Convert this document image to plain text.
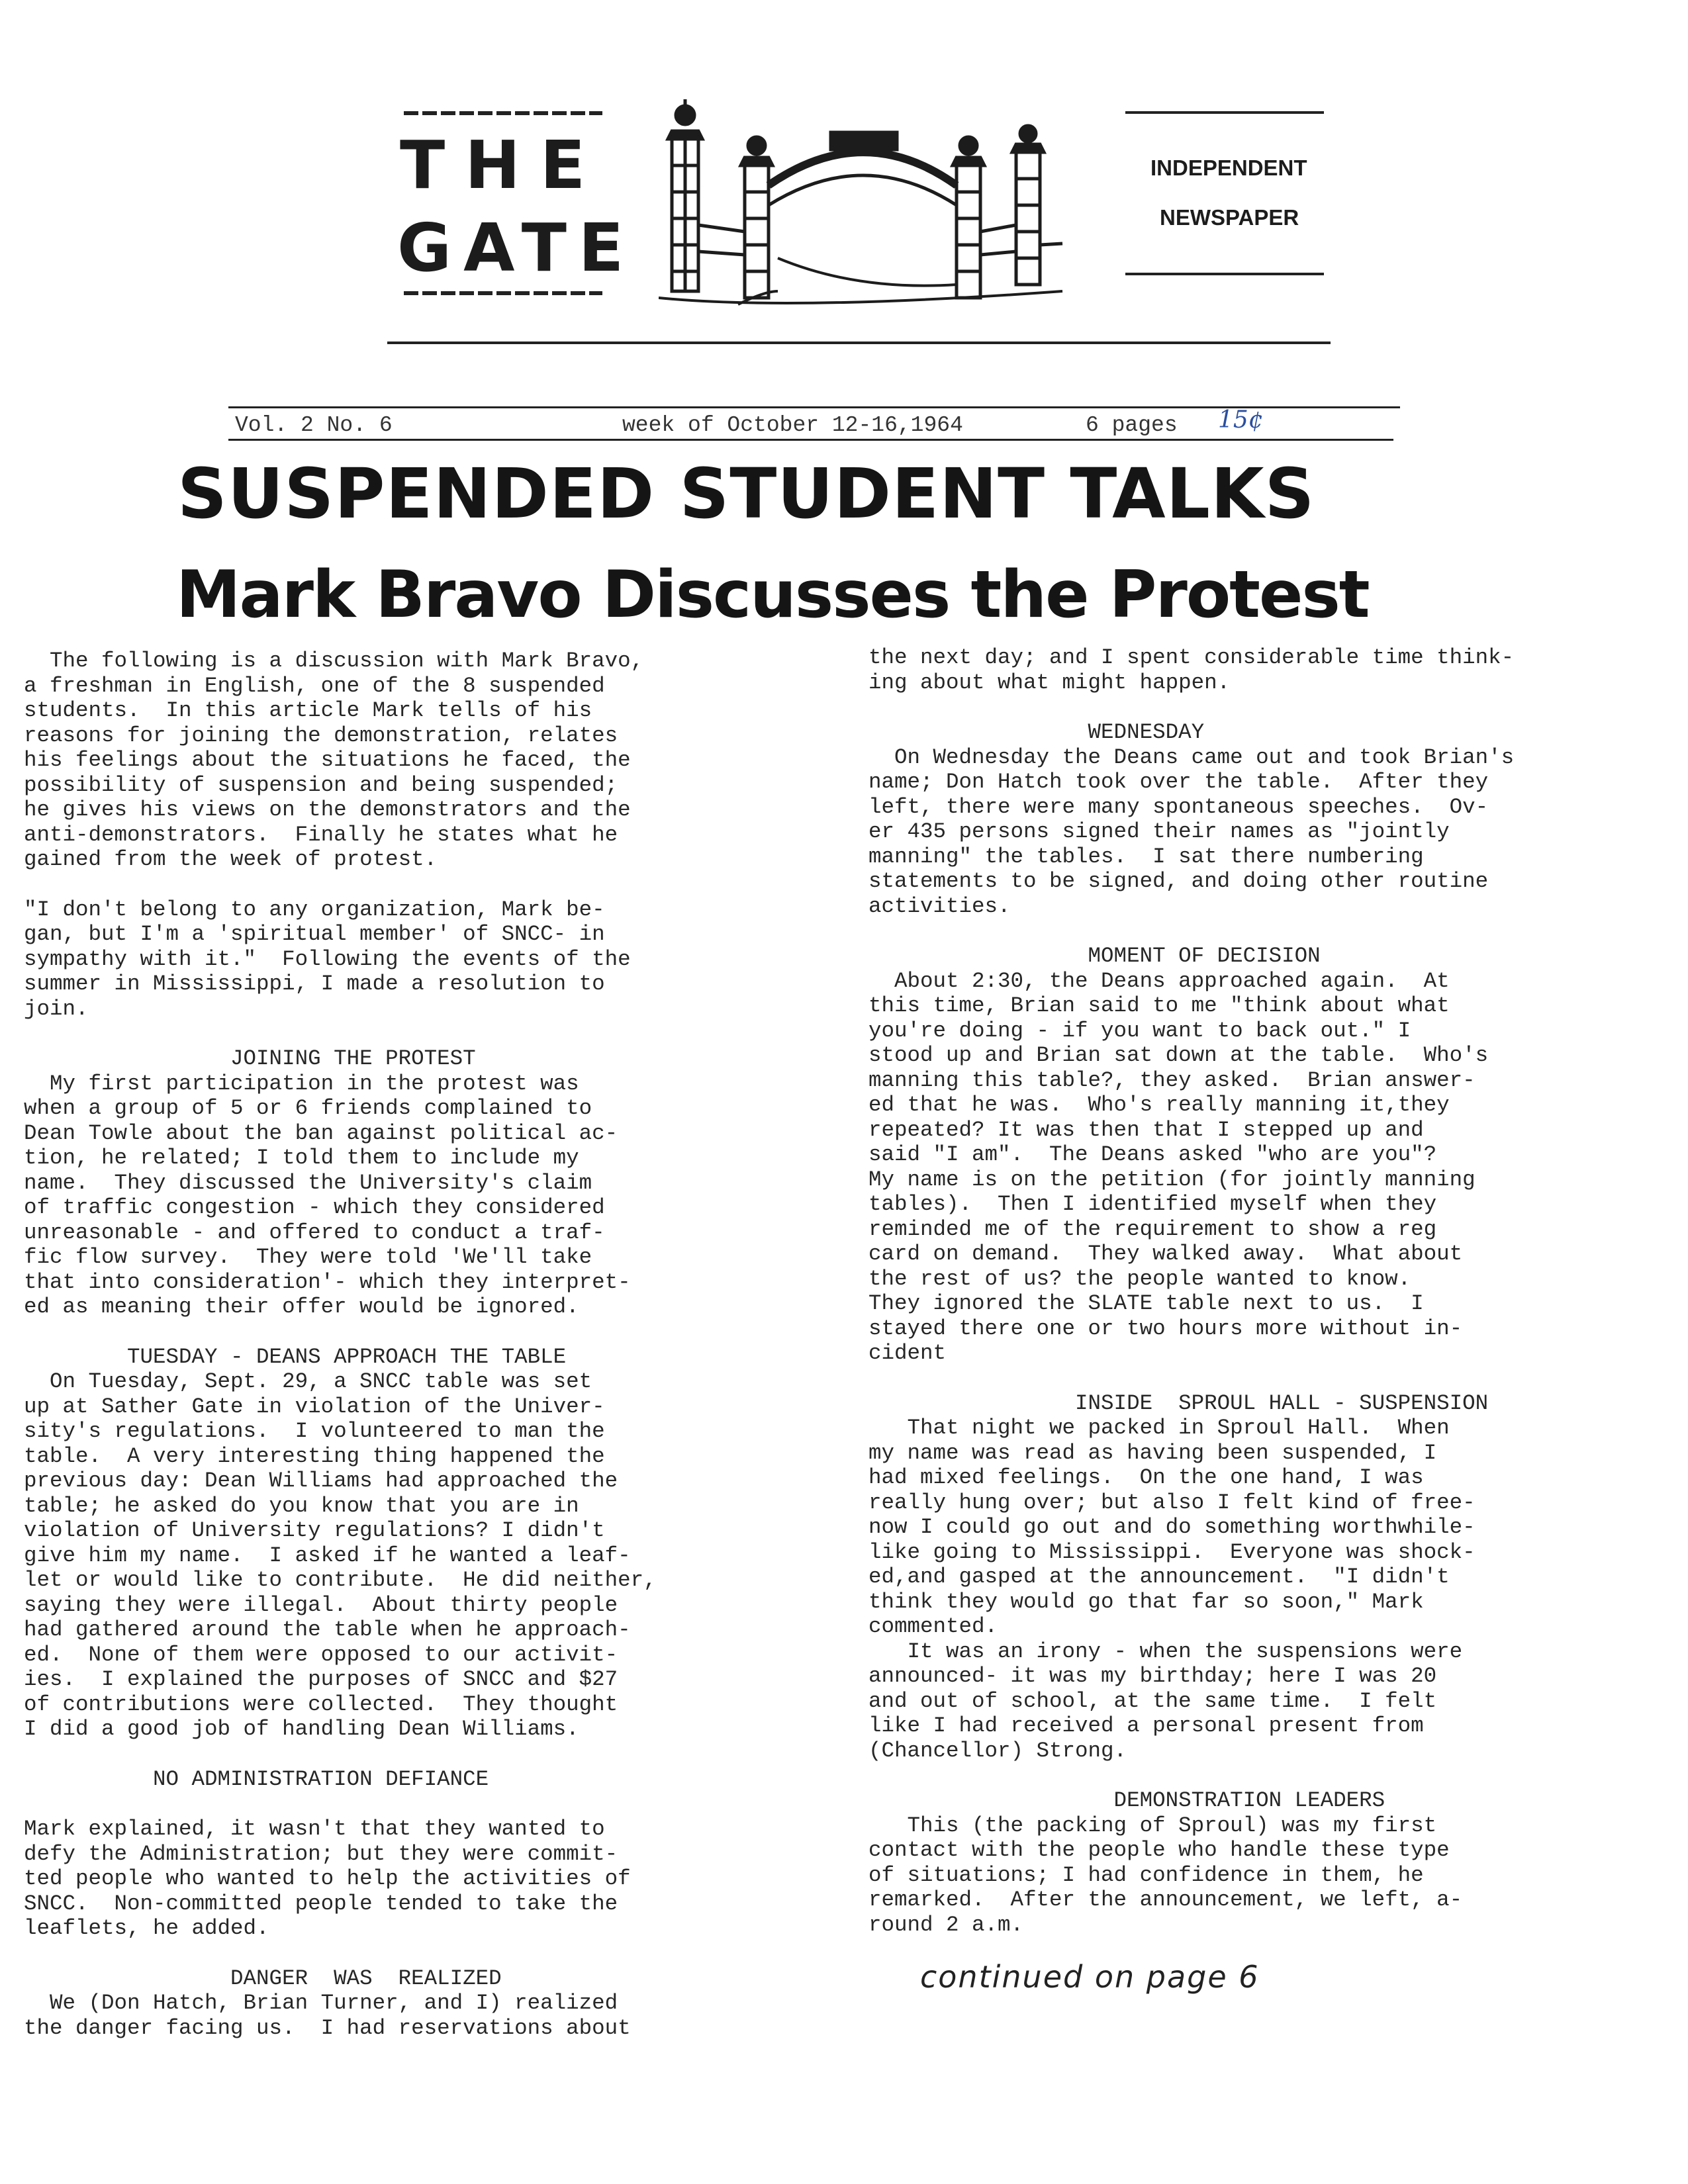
THE
GATE
INDEPENDENT
NEWSPAPER
Vol. 2 No. 6	week of October 12-16,1964	6 pages 15¢
SUSPENDED STUDENT TALKS
Mark Bravo Discusses the Protest

The following is a discussion with Mark Bravo,

a freshman in English, one of the 8 suspended

students.  In this article Mark tells of his

reasons for joining the demonstration, relates

his feelings about the situations he faced, the

possibility of suspension and being suspended;

he gives his views on the demonstrators and the

anti-demonstrators.  Finally he states what he

gained from the week of protest.

"I don't belong to any organization, Mark be-

gan, but I'm a 'spiritual member' of SNCC- in

sympathy with it."  Following the events of the

summer in Mississippi, I made a resolution to

join.

JOINING THE PROTEST

My first participation in the protest was

when a group of 5 or 6 friends complained to

Dean Towle about the ban against political ac-

tion, he related; I told them to include my

name.  They discussed the University's claim

of traffic congestion - which they considered

unreasonable - and offered to conduct a traf-

fic flow survey.  They were told 'We'll take

that into consideration'- which they interpret-

ed as meaning their offer would be ignored.

TUESDAY - DEANS APPROACH THE TABLE

On Tuesday, Sept. 29, a SNCC table was set

up at Sather Gate in violation of the Univer-

sity's regulations.  I volunteered to man the

table.  A very interesting thing happened the

previous day: Dean Williams had approached the

table; he asked do you know that you are in

violation of University regulations? I didn't

give him my name.  I asked if he wanted a leaf-

let or would like to contribute.  He did neither,

saying they were illegal.  About thirty people

had gathered around the table when he approach-

ed.  None of them were opposed to our activit-

ies.  I explained the purposes of SNCC and $27

of contributions were collected.  They thought

I did a good job of handling Dean Williams.

NO ADMINISTRATION DEFIANCE

Mark explained, it wasn't that they wanted to

defy the Administration; but they were commit-

ted people who wanted to help the activities of

SNCC.  Non-committed people tended to take the

leaflets, he added.

DANGER  WAS  REALIZED

We (Don Hatch, Brian Turner, and I) realized

the danger facing us.  I had reservations about

the next day; and I spent considerable time think-

ing about what might happen.

WEDNESDAY

On Wednesday the Deans came out and took Brian's

name; Don Hatch took over the table.  After they

left, there were many spontaneous speeches.  Ov-

er 435 persons signed their names as "jointly

manning" the tables.  I sat there numbering

statements to be signed, and doing other routine

activities.

MOMENT OF DECISION

About 2:30, the Deans approached again.  At

this time, Brian said to me "think about what

you're doing - if you want to back out." I

stood up and Brian sat down at the table.  Who's

manning this table?, they asked.  Brian answer-

ed that he was.  Who's really manning it,they

repeated? It was then that I stepped up and

said "I am".  The Deans asked "who are you"?

My name is on the petition (for jointly manning

tables).  Then I identified myself when they

reminded me of the requirement to show a reg

card on demand.  They walked away.  What about

the rest of us? the people wanted to know.

They ignored the SLATE table next to us.  I

stayed there one or two hours more without in-

cident

INSIDE  SPROUL HALL - SUSPENSION

That night we packed in Sproul Hall.  When

my name was read as having been suspended, I

had mixed feelings.  On the one hand, I was

really hung over; but also I felt kind of free-

now I could go out and do something worthwhile-

like going to Mississippi.  Everyone was shock-

ed,and gasped at the announcement.  "I didn't

think they would go that far so soon," Mark

commented.

It was an irony - when the suspensions were

announced- it was my birthday; here I was 20

and out of school, at the same time.  I felt

like I had received a personal present from

(Chancellor) Strong.

DEMONSTRATION LEADERS

This (the packing of Sproul) was my first

contact with the people who handle these type

of situations; I had confidence in them, he

remarked.  After the announcement, we left, a-

round 2 a.m.

continued on page 6
